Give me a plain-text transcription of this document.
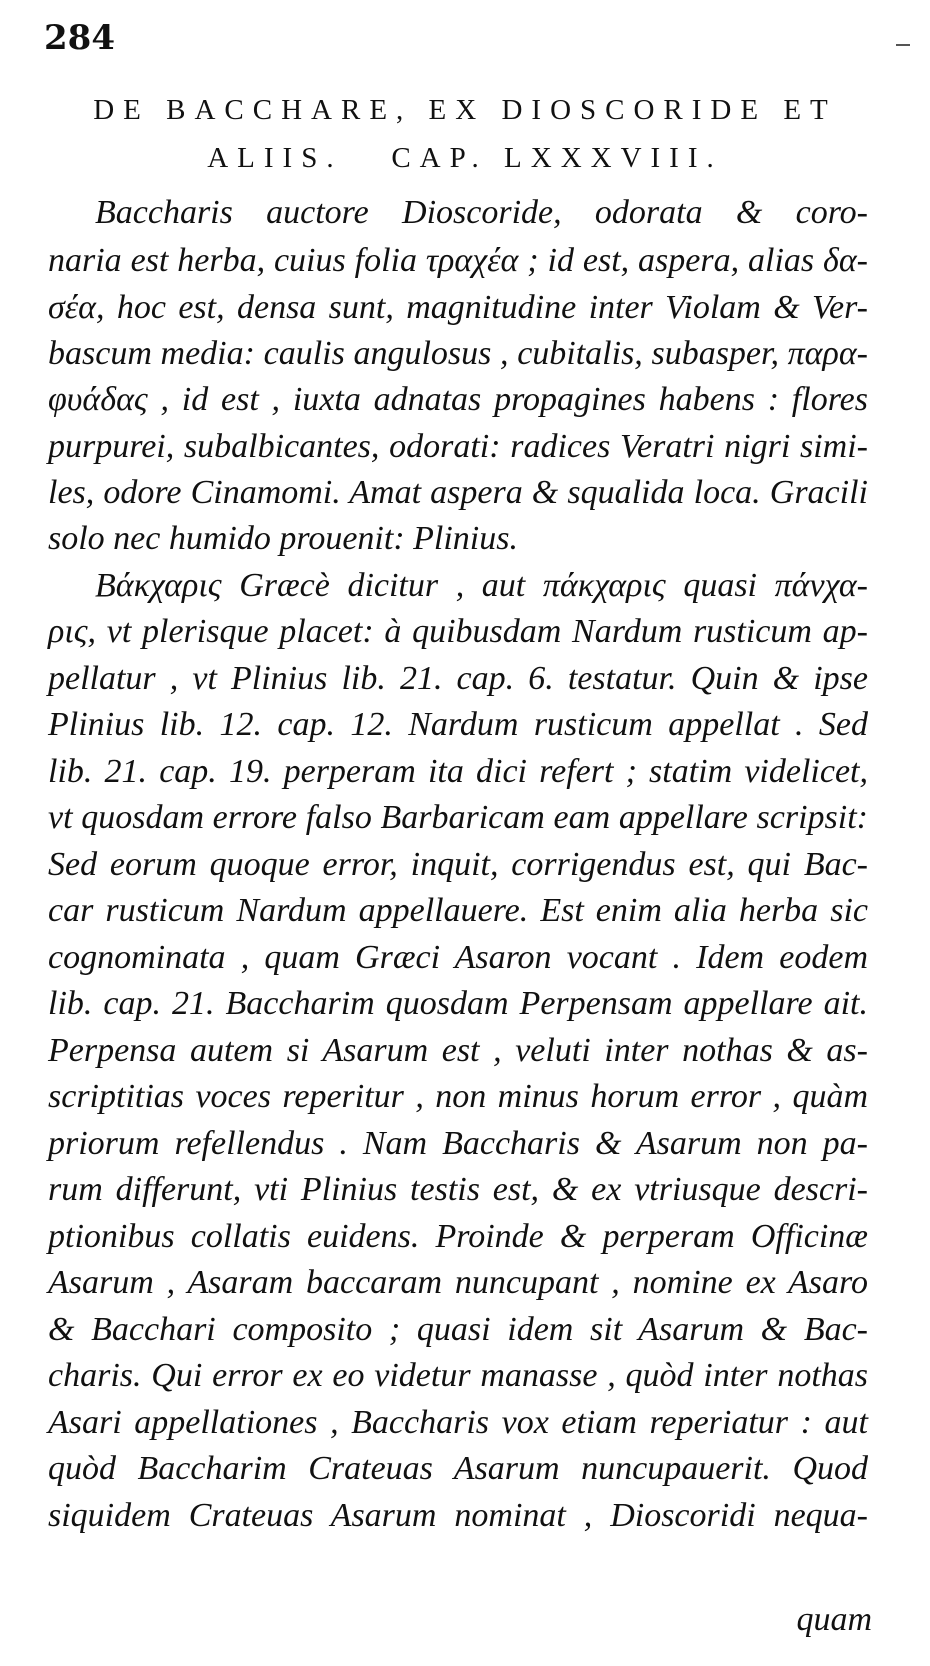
284
DE BACCHARE, EX DIOSCORIDE ET
ALIIS.   CAP. LXXXVIII.
Baccharis auctore Dioscoride, odorata & coro-
naria est herba, cuius folia τραχέα ; id est, aspera, alias δα-
σέα, hoc est, densa sunt, magnitudine inter Violam & Ver-
bascum media: caulis angulosus , cubitalis, subasper, παρα-
φυάδας , id est , iuxta adnatas propagines habens : flores
purpurei, subalbicantes, odorati: radices Veratri nigri simi-
les, odore Cinamomi. Amat aspera & squalida loca. Gracili
solo nec humido prouenit: Plinius.
Βάκχαρις Græcè dicitur , aut πάκχαρις quasi πάνχα-
ρις, vt plerisque placet: à quibusdam Nardum rusticum ap-
pellatur , vt Plinius lib. 21. cap. 6. testatur. Quin & ipse
Plinius lib. 12. cap. 12. Nardum rusticum appellat . Sed
lib. 21. cap. 19. perperam ita dici refert ; statim videlicet,
vt quosdam errore falso Barbaricam eam appellare scripsit:
Sed eorum quoque error, inquit, corrigendus est, qui Bac-
car rusticum Nardum appellauere. Est enim alia herba sic
cognominata , quam Græci Asaron vocant . Idem eodem
lib. cap. 21. Baccharim quosdam Perpensam appellare ait.
Perpensa autem si Asarum est , veluti inter nothas & as-
scriptitias voces reperitur , non minus horum error , quàm
priorum refellendus . Nam Baccharis & Asarum non pa-
rum differunt, vti Plinius testis est, & ex vtriusque descri-
ptionibus collatis euidens. Proinde & perperam Officinæ
Asarum , Asaram baccaram nuncupant , nomine ex Asaro
& Bacchari composito ; quasi idem sit Asarum & Bac-
charis. Qui error ex eo videtur manasse , quòd inter nothas
Asari appellationes , Baccharis vox etiam reperiatur : aut
quòd Baccharim Crateuas Asarum nuncupauerit. Quod
siquidem Crateuas Asarum nominat , Dioscoridi nequa-
quam
